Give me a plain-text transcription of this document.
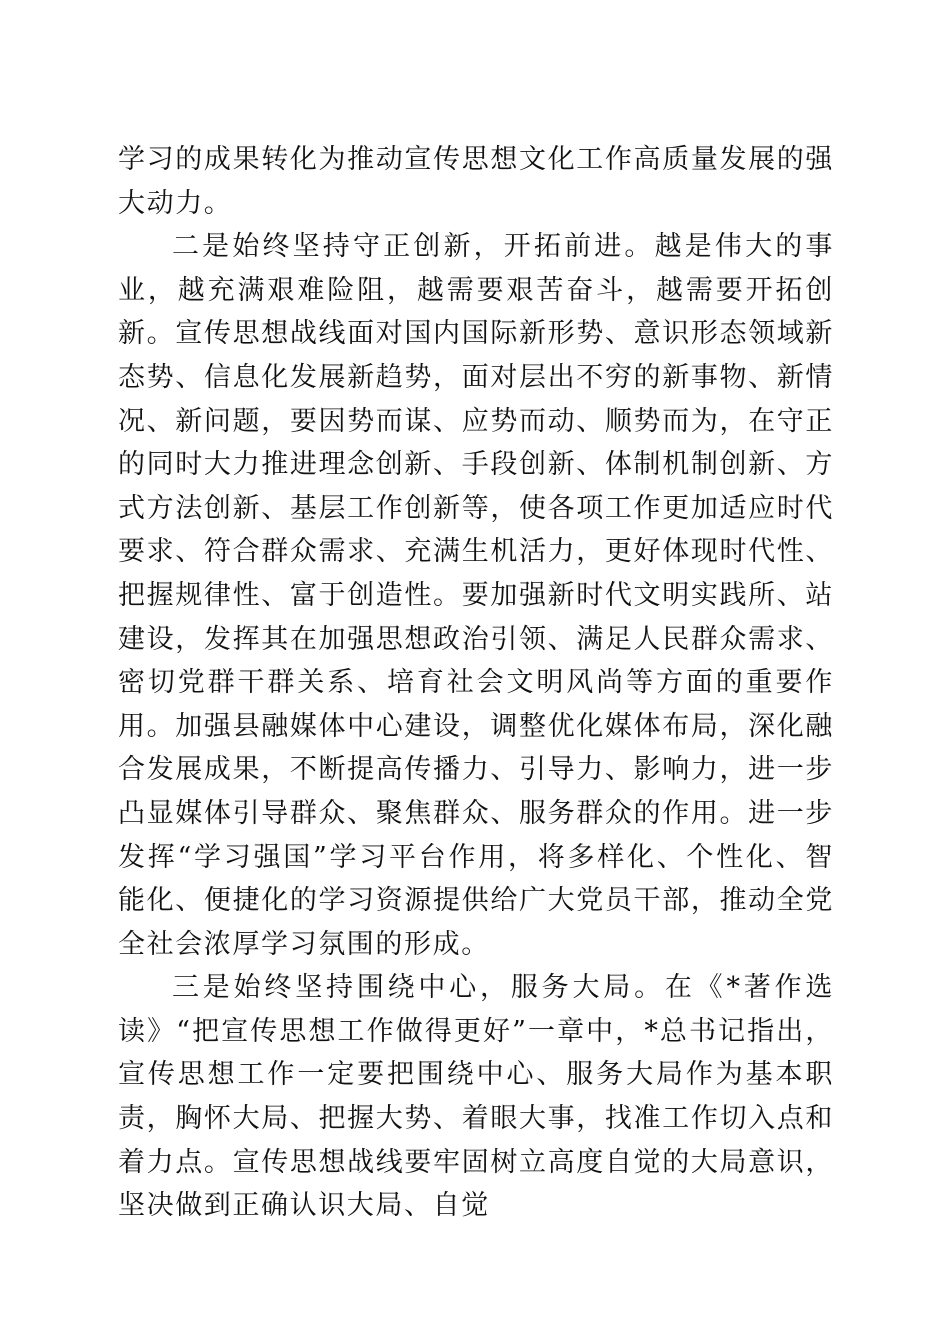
学习的成果转化为推动宣传思想文化工作高质量发展的强大动力。

二是始终坚持守正创新，开拓前进。越是伟大的事业，越充满艰难险阻，越需要艰苦奋斗，越需要开拓创新。宣传思想战线面对国内国际新形势、意识形态领域新态势、信息化发展新趋势，面对层出不穷的新事物、新情况、新问题，要因势而谋、应势而动、顺势而为，在守正的同时大力推进理念创新、手段创新、体制机制创新、方式方法创新、基层工作创新等，使各项工作更加适应时代要求、符合群众需求、充满生机活力，更好体现时代性、把握规律性、富于创造性。要加强新时代文明实践所、站建设，发挥其在加强思想政治引领、满足人民群众需求、密切党群干群关系、培育社会文明风尚等方面的重要作用。加强县融媒体中心建设，调整优化媒体布局，深化融合发展成果，不断提高传播力、引导力、影响力，进一步凸显媒体引导群众、聚焦群众、服务群众的作用。进一步发挥“学习强国”学习平台作用，将多样化、个性化、智能化、便捷化的学习资源提供给广大党员干部，推动全党全社会浓厚学习氛围的形成。

三是始终坚持围绕中心，服务大局。在《*著作选读》“把宣传思想工作做得更好”一章中，*总书记指出，宣传思想工作一定要把围绕中心、服务大局作为基本职责，胸怀大局、把握大势、着眼大事，找准工作切入点和着力点。宣传思想战线要牢固树立高度自觉的大局意识，坚决做到正确认识大局、自觉
